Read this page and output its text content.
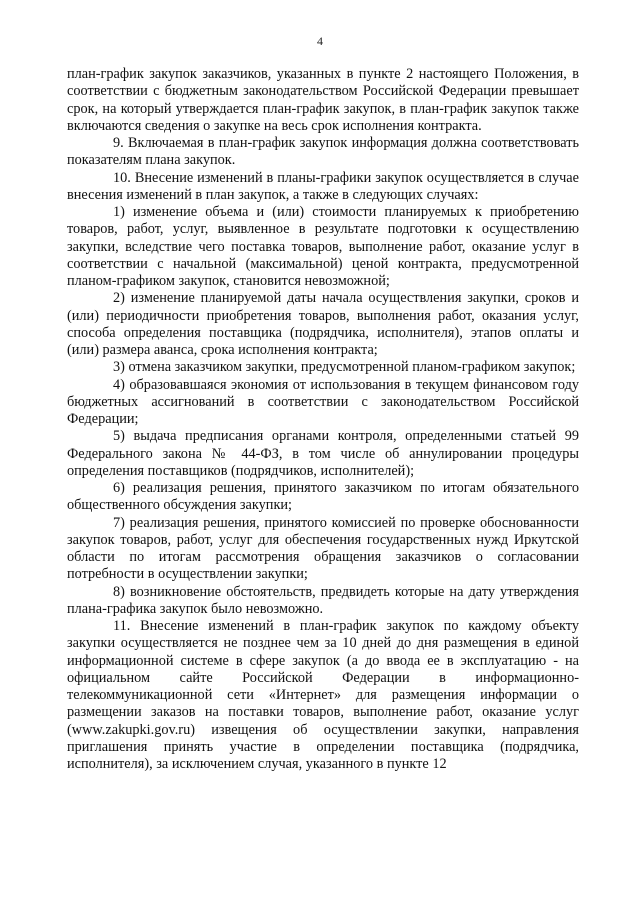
4

план-график закупок заказчиков, указанных в пункте 2 настоящего Положения, в соответствии с бюджетным законодательством Российской Федерации превышает срок, на который утверждается план-график закупок, в план-график закупок также включаются сведения о закупке на весь срок исполнения контракта.

9. Включаемая в план-график закупок информация должна соответствовать показателям плана закупок.

10. Внесение изменений в планы-графики закупок осуществляется в случае внесения изменений в план закупок, а также в следующих случаях:

1) изменение объема и (или) стоимости планируемых к приобретению товаров, работ, услуг, выявленное в результате подготовки к осуществлению закупки, вследствие чего поставка товаров, выполнение работ, оказание услуг в соответствии с начальной (максимальной) ценой контракта, предусмотренной планом-графиком закупок, становится невозможной;

2) изменение планируемой даты начала осуществления закупки, сроков и (или) периодичности приобретения товаров, выполнения работ, оказания услуг, способа определения поставщика (подрядчика, исполнителя), этапов оплаты и (или) размера аванса, срока исполнения контракта;

3) отмена заказчиком закупки, предусмотренной планом-графиком закупок;

4) образовавшаяся экономия от использования в текущем финансовом году бюджетных ассигнований в соответствии с законодательством Российской Федерации;

5) выдача предписания органами контроля, определенными статьей 99 Федерального закона № 44-ФЗ, в том числе об аннулировании процедуры определения поставщиков (подрядчиков, исполнителей);

6) реализация решения, принятого заказчиком по итогам обязательного общественного обсуждения закупки;

7) реализация решения, принятого комиссией по проверке обоснованности закупок товаров, работ, услуг для обеспечения государственных нужд Иркутской области по итогам рассмотрения обращения заказчиков о согласовании потребности в осуществлении закупки;

8) возникновение обстоятельств, предвидеть которые на дату утверждения плана-графика закупок было невозможно.

11. Внесение изменений в план-график закупок по каждому объекту закупки осуществляется не позднее чем за 10 дней до дня размещения в единой информационной системе в сфере закупок (а до ввода ее в эксплуатацию - на официальном сайте Российской Федерации в информационно-телекоммуникационной сети «Интернет» для размещения информации о размещении заказов на поставки товаров, выполнение работ, оказание услуг (www.zakupki.gov.ru) извещения об осуществлении закупки, направления приглашения принять участие в определении поставщика (подрядчика, исполнителя), за исключением случая, указанного в пункте 12
